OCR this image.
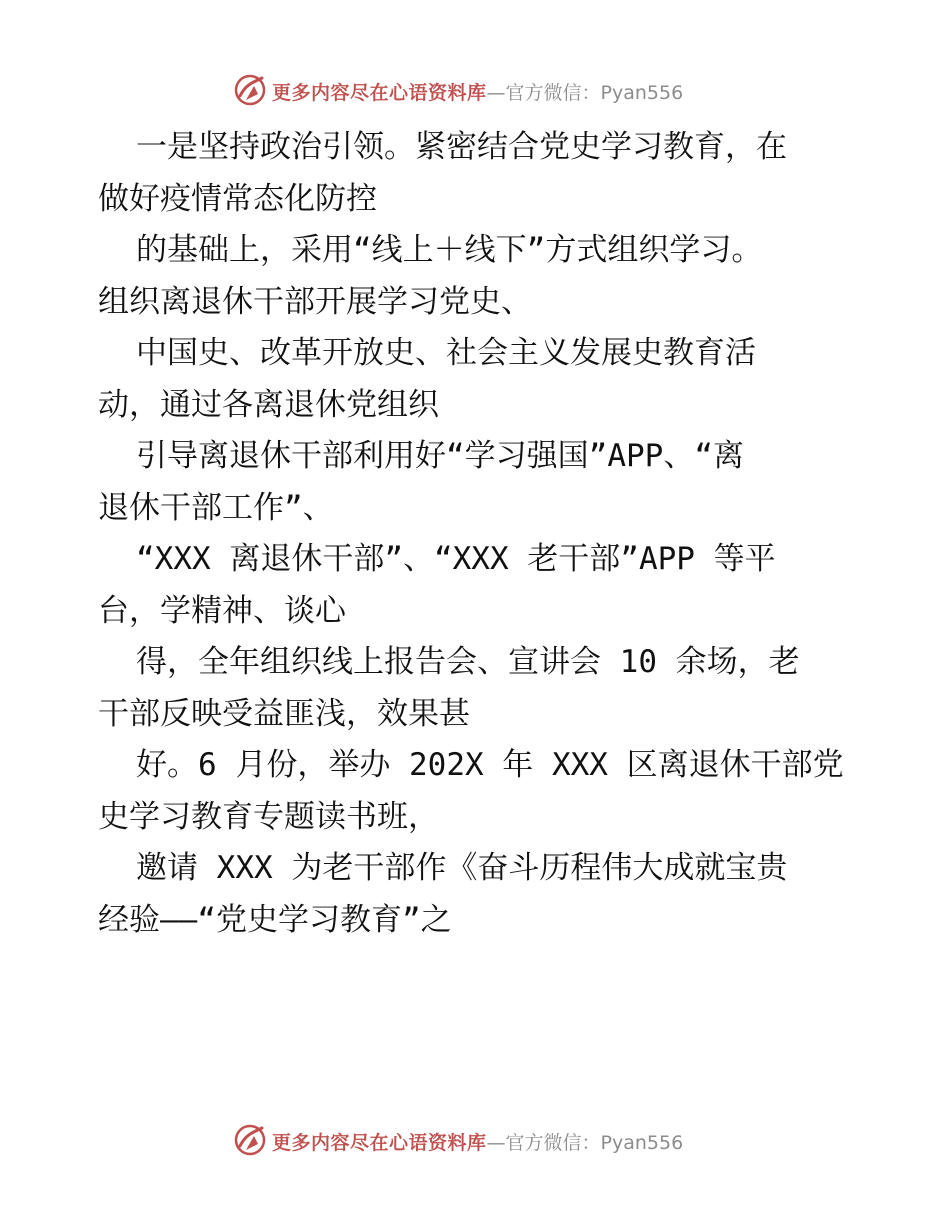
更多内容尽在心语资料库—官方微信：Pyan556
一是坚持政治引领。紧密结合党史学习教育，在
做好疫情常态化防控
的基础上，采用“线上＋线下”方式组织学习。
组织离退休干部开展学习党史、
中国史、改革开放史、社会主义发展史教育活
动，通过各离退休党组织
引导离退休干部利用好“学习强国”APP、“离
退休干部工作”、
“XXX 离退休干部”、“XXX 老干部”APP 等平
台，学精神、谈心
得，全年组织线上报告会、宣讲会 10 余场，老
干部反映受益匪浅，效果甚
好。6 月份，举办 202X 年 XXX 区离退休干部党
史学习教育专题读书班，
邀请 XXX 为老干部作《奋斗历程伟大成就宝贵
经验——“党史学习教育”之
更多内容尽在心语资料库—官方微信：Pyan556
